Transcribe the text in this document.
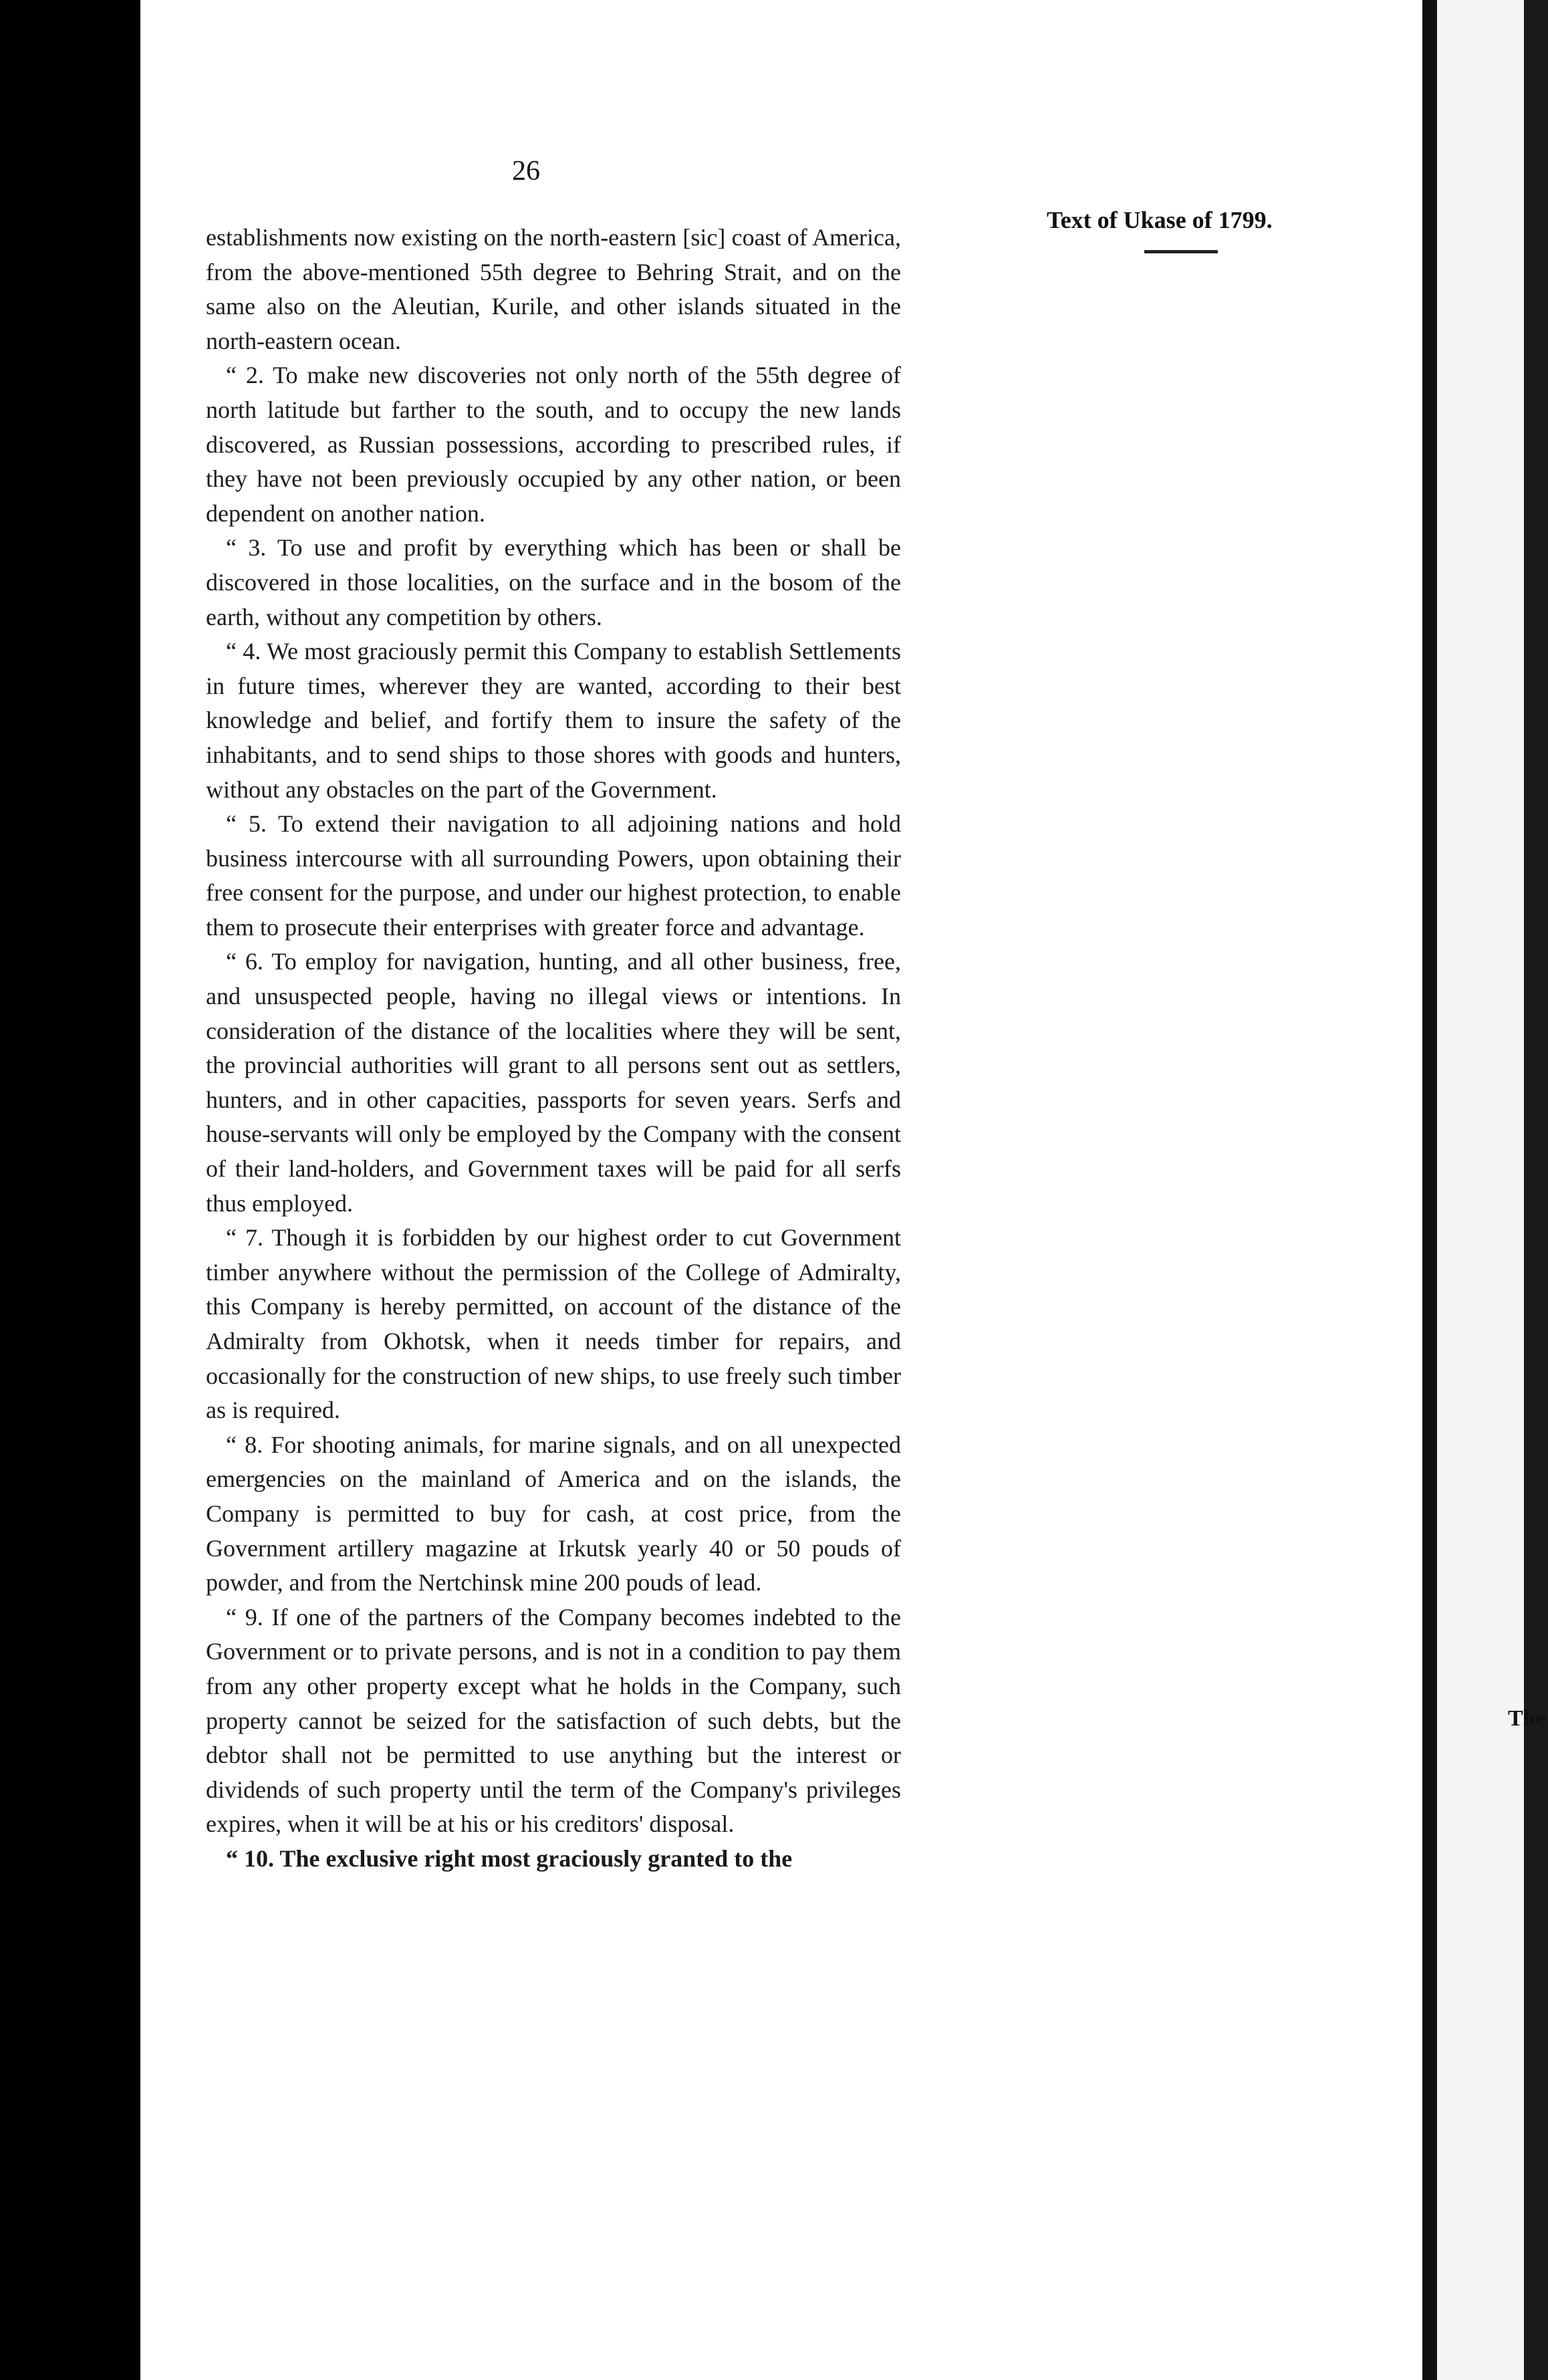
26
Text of Ukase of 1799.

establishments now existing on the north-eastern [sic] coast of America, from the above-mentioned 55th degree to Behring Strait, and on the same also on the Aleutian, Kurile, and other islands situated in the north-eastern ocean.

“ 2. To make new discoveries not only north of the 55th degree of north latitude but farther to the south, and to occupy the new lands discovered, as Russian possessions, according to prescribed rules, if they have not been previously occupied by any other nation, or been dependent on another nation.

“ 3. To use and profit by everything which has been or shall be discovered in those localities, on the surface and in the bosom of the earth, without any competition by others.

“ 4. We most graciously permit this Company to establish Settlements in future times, wherever they are wanted, according to their best knowledge and belief, and fortify them to insure the safety of the inhabitants, and to send ships to those shores with goods and hunters, without any obstacles on the part of the Government.

“ 5. To extend their navigation to all adjoining nations and hold business intercourse with all surrounding Powers, upon obtaining their free consent for the purpose, and under our highest protection, to enable them to prosecute their enterprises with greater force and advantage.

“ 6. To employ for navigation, hunting, and all other business, free, and unsuspected people, having no illegal views or intentions. In consideration of the distance of the localities where they will be sent, the provincial authorities will grant to all persons sent out as settlers, hunters, and in other capacities, passports for seven years. Serfs and house-servants will only be employed by the Company with the consent of their land-holders, and Government taxes will be paid for all serfs thus employed.

“ 7. Though it is forbidden by our highest order to cut Government timber anywhere without the permission of the College of Admiralty, this Company is hereby permitted, on account of the distance of the Admiralty from Okhotsk, when it needs timber for repairs, and occasionally for the construction of new ships, to use freely such timber as is required.

“ 8. For shooting animals, for marine signals, and on all unexpected emergencies on the mainland of America and on the islands, the Company is permitted to buy for cash, at cost price, from the Government artillery magazine at Irkutsk yearly 40 or 50 pouds of powder, and from the Nertchinsk mine 200 pouds of lead.

“ 9. If one of the partners of the Company becomes indebted to the Government or to private persons, and is not in a condition to pay them from any other property except what he holds in the Company, such property cannot be seized for the satisfaction of such debts, but the debtor shall not be permitted to use anything but the interest or dividends of such property until the term of the Company's privileges expires, when it will be at his or his creditors' disposal.

“ 10. The exclusive right most graciously granted to the

The
